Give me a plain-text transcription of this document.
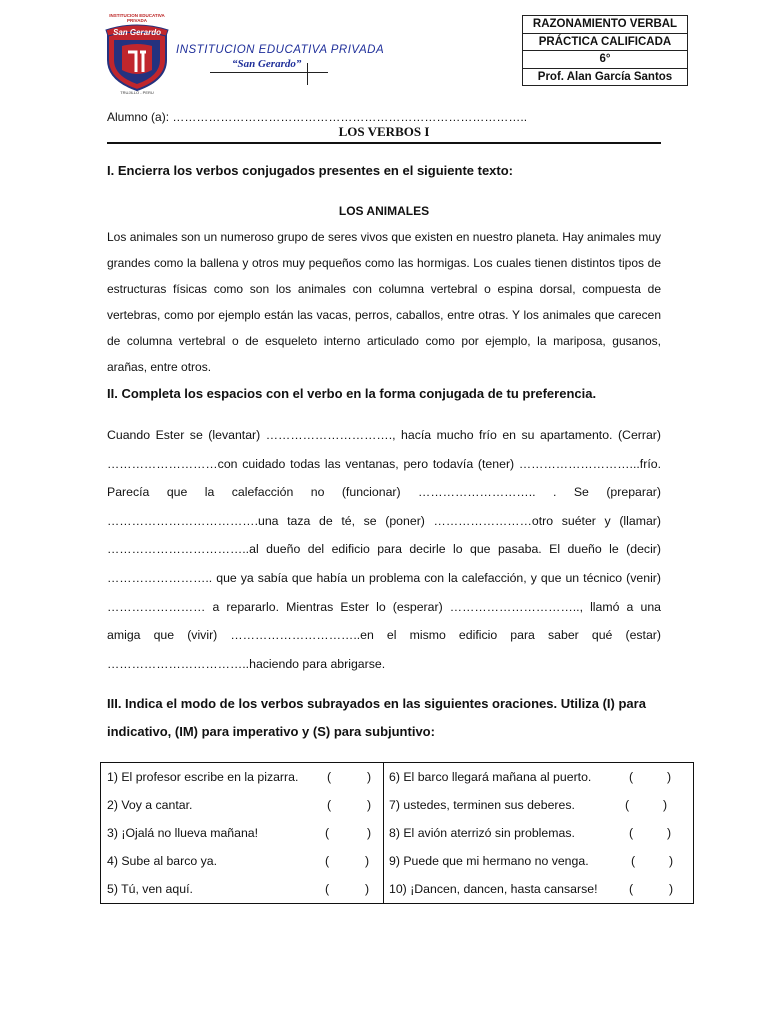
INSTITUCION EDUCATIVA PRIVADA
San Gerardo
TRUJILLO - PERU
INSTITUCION EDUCATIVA PRIVADA
“San Gerardo”
RAZONAMIENTO VERBAL
PRÁCTICA CALIFICADA
6°
Prof. Alan García Santos
Alumno (a): ……………………………………………………………………………..
LOS VERBOS I
I. Encierra los verbos conjugados presentes en el siguiente texto:
LOS ANIMALES
Los animales son un numeroso grupo de seres vivos que existen en nuestro planeta. Hay animales muy grandes como la ballena y otros muy pequeños como las hormigas. Los cuales tienen distintos tipos de estructuras físicas como son los animales con columna vertebral o espina dorsal, compuesta de vertebras, como por ejemplo están las vacas, perros, caballos, entre otras. Y los animales que carecen de columna vertebral o de esqueleto interno articulado como por ejemplo, la mariposa, gusanos, arañas, entre otros.
II. Completa los espacios con el verbo en la forma conjugada de tu preferencia.
Cuando Ester se (levantar) …………………………., hacía mucho frío en su apartamento. (Cerrar) ………………………con cuidado todas las ventanas, pero todavía (tener) ………………………...frío. Parecía que la calefacción no (funcionar) ……………………….. . Se (preparar) ……………………………….una taza de té, se (poner) ……………………otro suéter y (llamar) ……………………………..al dueño del edificio para decirle lo que pasaba. El dueño le (decir) …………………….. que ya sabía que había un problema con la calefacción, y que un técnico (venir) …………………… a repararlo. Mientras Ester lo (esperar) ………………………….., llamó a una amiga que (vivir) …………………………..en el mismo edificio para saber qué (estar) ……………………………..haciendo para abrigarse.
III. Indica el modo de los verbos subrayados en las siguientes oraciones. Utiliza (I) para indicativo, (IM) para imperativo y (S) para subjuntivo:
1) El profesor escribe en la pizarra. (	)
2) Voy a cantar.	(	)
3) ¡Ojalá no llueva mañana!	(	)
4) Sube al barco ya.	(	)
5) Tú, ven aquí.	(	)
6) El barco llegará mañana al puerto.	(	)
7) ustedes, terminen sus deberes.	(	)
8) El avión aterrizó sin problemas.	(	)
9) Puede que mi hermano no venga.	(	)
10) ¡Dancen, dancen, hasta cansarse!	(	)
